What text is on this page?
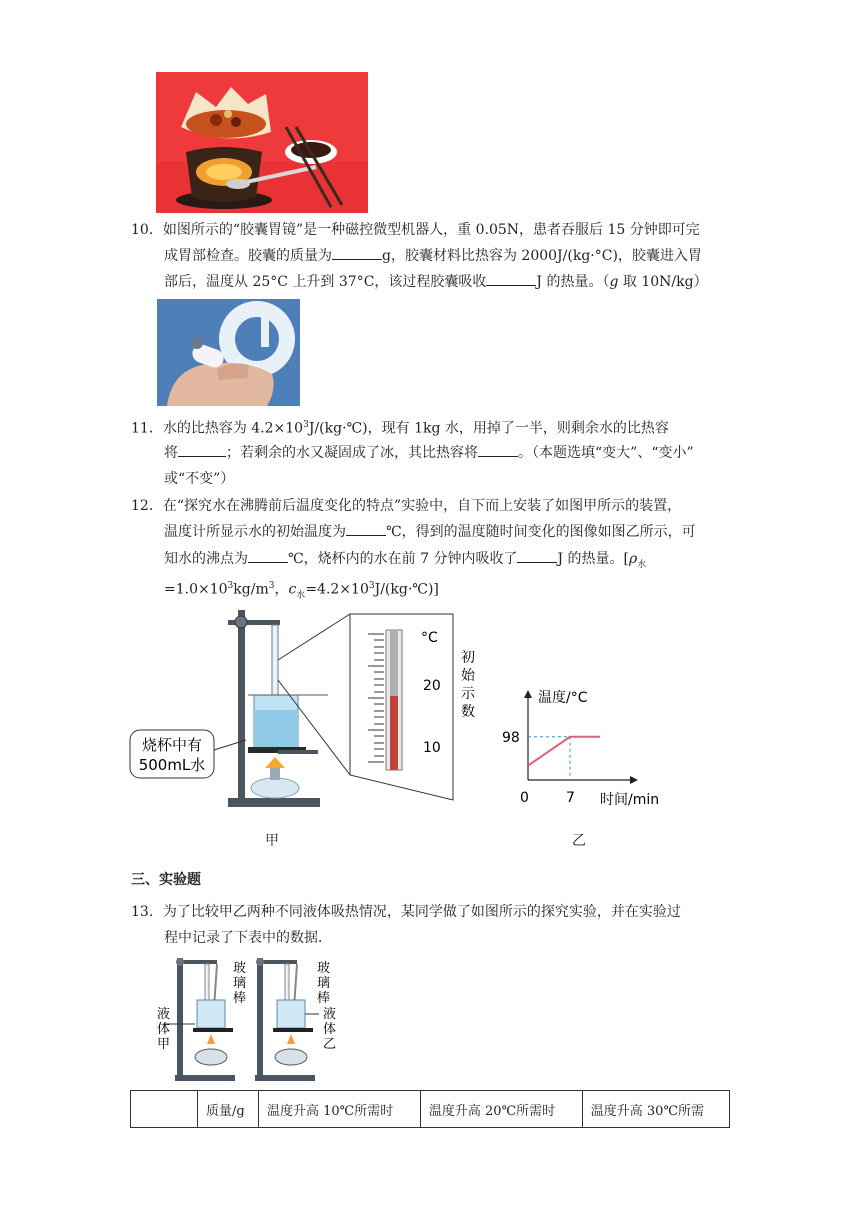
10．如图所示的“胶囊胃镜”是一种磁控微型机器人，重 0.05N，患者吞服后 15 分钟即可完
成胃部检查。胶囊的质量为	g，胶囊材料比热容为 2000J/(kg·°C)，胶囊进入胃
部后，温度从 25°C 上升到 37°C，该过程胶囊吸收	J 的热量。（g 取 10N/kg）
11．水的比热容为 $4.2\times 10^3J/(kg\cdot℃)$，现有 1kg 水，用掉了一半，则剩余水的比热容
将	；若剩余的水又凝固成了冰，其比热容将	。（本题选填“变大”、“变小”
或“不变”）
12．在“探究水在沸腾前后温度变化的特点”实验中，自下而上安装了如图甲所示的装置，
温度计所显示水的初始温度为	℃，得到的温度随时间变化的图像如图乙所示，可
知水的沸点为	℃，烧杯内的水在前 7 分钟内吸收了	J 的热量。[$\rho_水$
$=1.0\times 10^3kg/m^3$，$c_水=4.2\times 10^3J/(kg\cdot℃)$]
烧杯中有
500mL水
°C
20
10
初
始
示
数
甲
温度/°C
时间/min
98
7
0
乙
三、实验题
13．为了比较甲乙两种不同液体吸热情况，某同学做了如图所示的探究实验，并在实验过
程中记录了下表中的数据．
玻
璃
棒
液
体
甲
玻
璃
棒
液
体
乙
	质量/g	温度升高 10℃所需时	温度升高 20℃所需时	温度升高 30℃所需
